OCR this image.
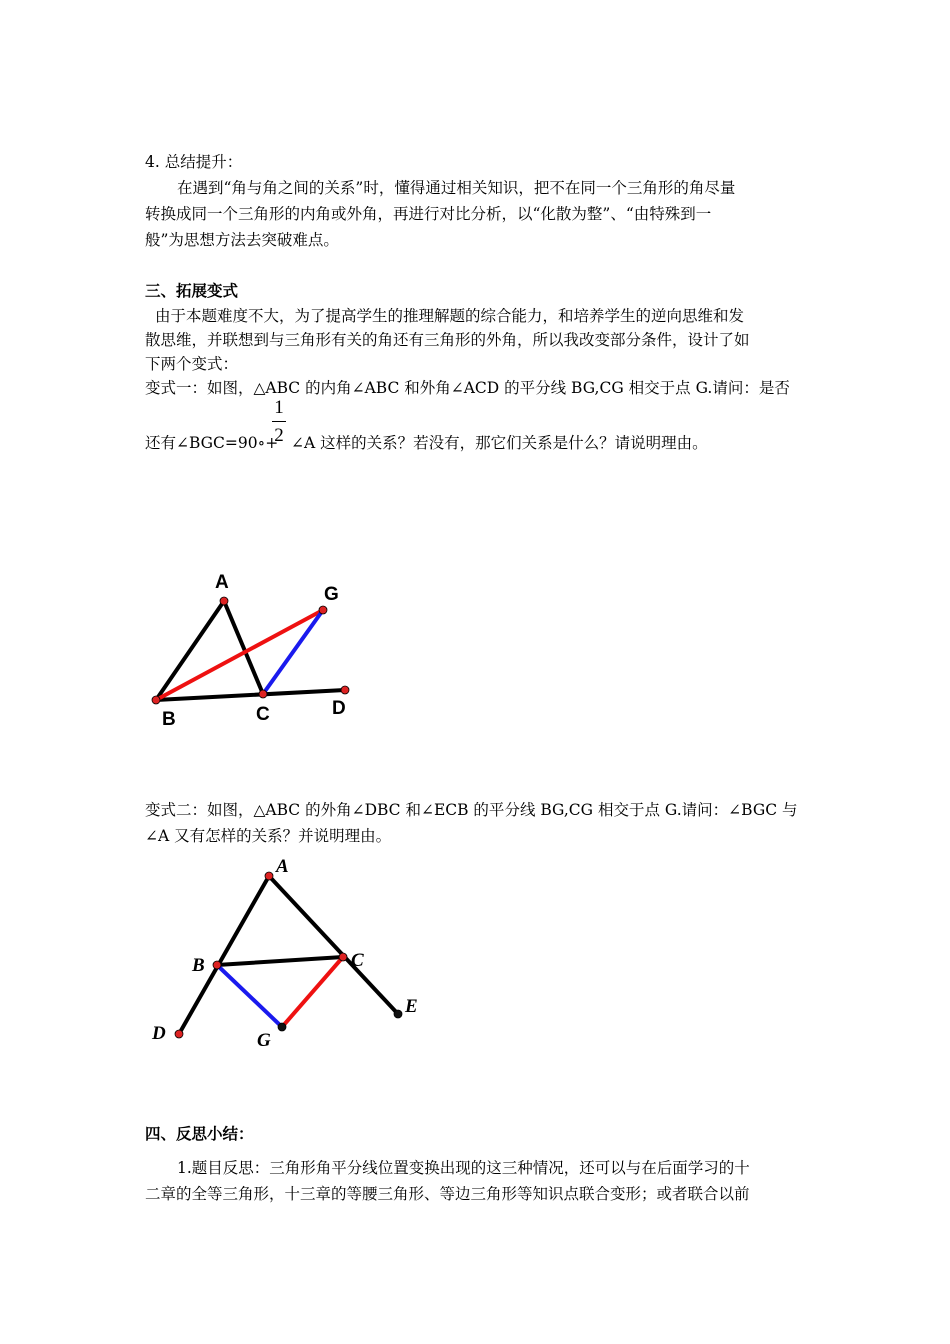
4. 总结提升：
在遇到“角与角之间的关系”时，懂得通过相关知识，把不在同一个三角形的角尽量
转换成同一个三角形的内角或外角，再进行对比分析，以“化散为整”、“由特殊到一
般”为思想方法去突破难点。
三、拓展变式
由于本题难度不大，为了提高学生的推理解题的综合能力，和培养学生的逆向思维和发
散思维，并联想到与三角形有关的角还有三角形的外角，所以我改变部分条件，设计了如
下两个变式：
变式一：如图，△ABC 的内角∠ABC 和外角∠ACD 的平分线 BG,CG 相交于点 G.请问：是否
还有∠BGC=90∘+
1
2 ∠A 这样的关系？若没有，那它们关系是什么？请说明理由。
A
G
B	C	D
变式二：如图，△ABC 的外角∠DBC 和∠ECB 的平分线 BG,CG 相交于点 G.请问：∠BGC 与
∠A 又有怎样的关系？并说明理由。
A
B	C
D
E
G
四、反思小结：
1.题目反思：三角形角平分线位置变换出现的这三种情况，还可以与在后面学习的十
二章的全等三角形，十三章的等腰三角形、等边三角形等知识点联合变形；或者联合以前
